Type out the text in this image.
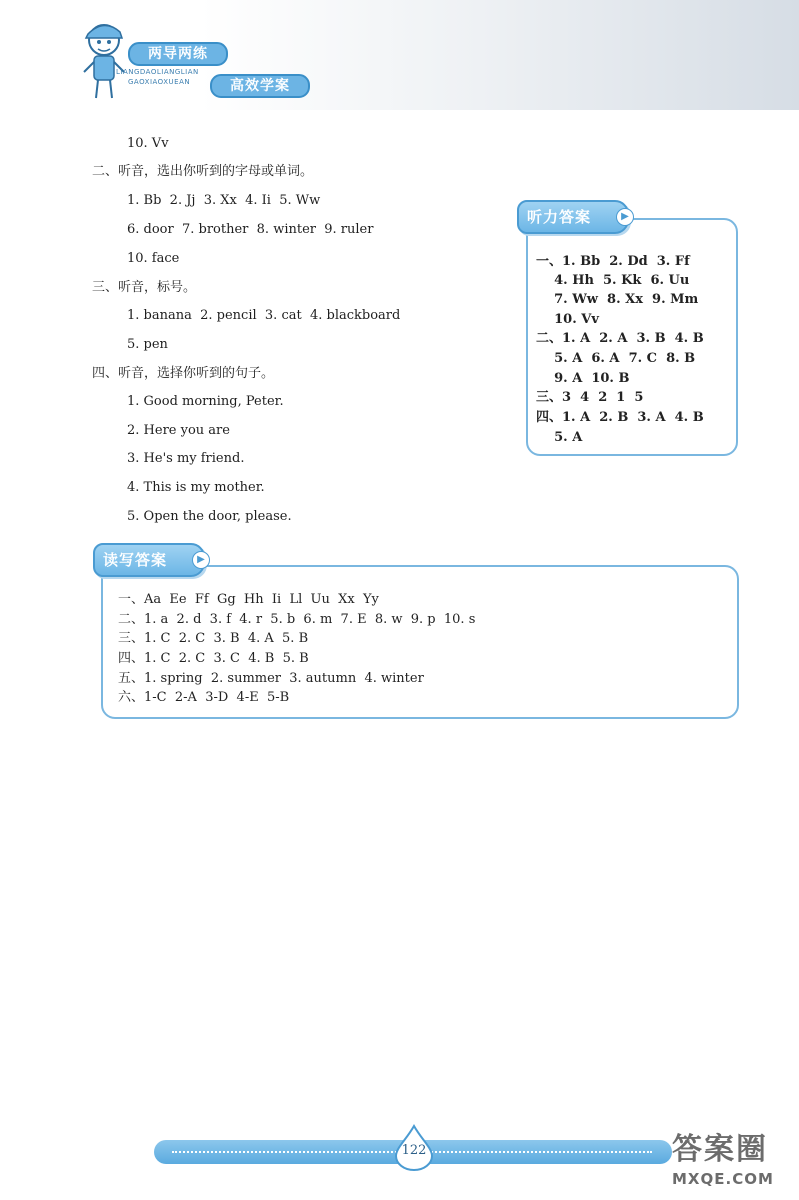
两导两练
LIANGDAOLIANGLIAN
GAOXIAOXUEAN	高效学案
10. Vv
二、听音，选出你听到的字母或单词。
1. Bb  2. Jj  3. Xx  4. Ii  5. Ww
6. door  7. brother  8. winter  9. ruler
10. face
三、听音，标号。
1. banana  2. pencil  3. cat  4. blackboard
5. pen
四、听音，选择你听到的句子。
1. Good morning, Peter.
2. Here you are
3. He's my friend.
4. This is my mother.
5. Open the door, please.
听力答案	▶
一、1. Bb  2. Dd  3. Ff
4. Hh  5. Kk  6. Uu
7. Ww  8. Xx  9. Mm
10. Vv
二、1. A  2. A  3. B  4. B
5. A  6. A  7. C  8. B
9. A  10. B
三、3  4  2  1  5
四、1. A  2. B  3. A  4. B
5. A
读写答案	▶
一、Aa  Ee  Ff  Gg  Hh  Ii  Ll  Uu  Xx  Yy
二、1. a  2. d  3. f  4. r  5. b  6. m  7. E  8. w  9. p  10. s
三、1. C  2. C  3. B  4. A  5. B
四、1. C  2. C  3. C  4. B  5. B
五、1. spring  2. summer  3. autumn  4. winter
六、1-C  2-A  3-D  4-E  5-B
122	答案圈
MXQE.COM
